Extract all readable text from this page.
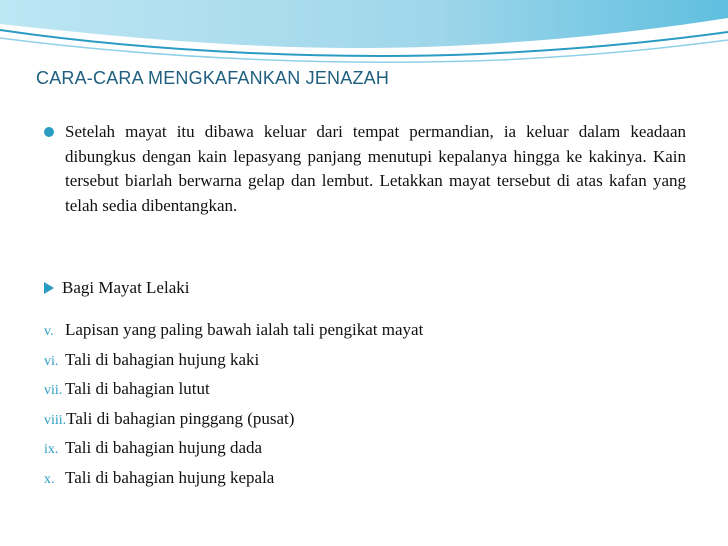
CARA-CARA MENGKAFANKAN JENAZAH
Setelah mayat itu dibawa keluar dari tempat permandian, ia keluar dalam keadaan dibungkus dengan kain lepasyang panjang menutupi kepalanya hingga ke kakinya. Kain tersebut biarlah berwarna gelap dan lembut. Letakkan mayat tersebut di atas kafan yang telah sedia dibentangkan.
Bagi Mayat Lelaki
v. Lapisan yang paling bawah ialah tali pengikat mayat
vi. Tali di bahagian hujung kaki
vii. Tali di bahagian lutut
viii.Tali di bahagian pinggang (pusat)
ix. Tali di bahagian hujung dada
x. Tali di bahagian hujung kepala
